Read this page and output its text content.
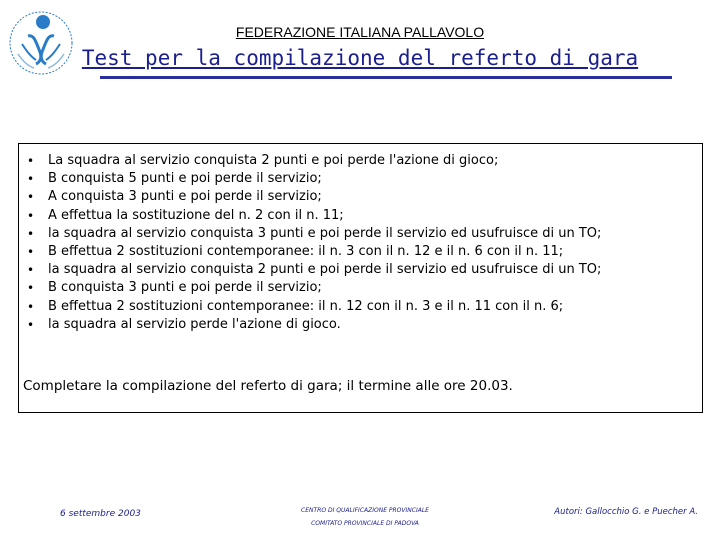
FEDERAZIONE ITALIANA PALLAVOLO
Test per la compilazione del referto di gara
• La squadra al servizio conquista 2 punti e poi perde l'azione di gioco;
• B conquista 5 punti e poi perde il servizio;
• A conquista 3 punti e poi perde il servizio;
• A effettua la sostituzione del n. 2 con il n. 11;
• la squadra al servizio conquista 3 punti e poi perde il servizio ed usufruisce di un TO;
• B effettua 2 sostituzioni contemporanee: il n. 3 con il n. 12 e il n. 6 con il n. 11;
• la squadra al servizio conquista 2 punti e poi perde il servizio ed usufruisce di un TO;
• B conquista 3 punti e poi perde il servizio;
• B effettua 2 sostituzioni contemporanee: il n. 12 con il n. 3 e il n. 11 con il n. 6;
• la squadra al servizio perde l'azione di gioco.
Completare la compilazione del referto di gara; il termine alle ore 20.03.
6 settembre 2003	CENTRO DI QUALIFICAZIONE PROVINCIALE
COMITATO PROVINCIALE DI PADOVA
Autori: Gallocchio G. e Puecher A.
